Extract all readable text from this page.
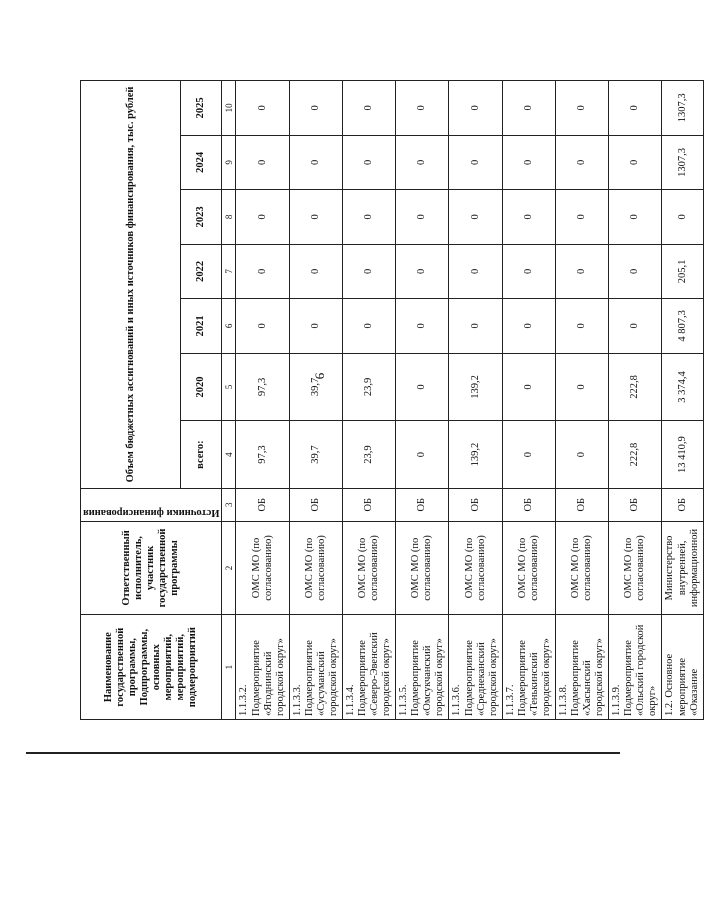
9
Наименование государственной программы, Подпрограммы, основных мероприятий, мероприятий, подмероприятий	Ответственный исполнитель, участник государственной программы	Источники финансирования	Объем бюджетных ассигнований и иных источников финансирования, тыс. рублей						
			всего:	2020	2021	2022	2023	2024	2025
1	2	3	4	5	6	7	8	9	10
1.1.3.2. Подмероприятие «Ягоднинский городской округ»	ОМС МО (по согласованию)	ОБ	97,3	97,3	0	0	0	0	0
1.1.3.3. Подмероприятие «Сусуманский городской округ»	ОМС МО (по согласованию)	ОБ	39,7	39,7	0	0	0	0	0
1.1.3.4. Подмероприятие «Северо-Эвенский городской округ»	ОМС МО (по согласованию)	ОБ	23,9	23,9	0	0	0	0	0
1.1.3.5. Подмероприятие «Омсукчанский городской округ»	ОМС МО (по согласованию)	ОБ	0	0	0	0	0	0	0
1.1.3.6. Подмероприятие «Среднеканский городской округ»	ОМС МО (по согласованию)	ОБ	139,2	139,2	0	0	0	0	0
1.1.3.7. Подмероприятие «Тенькинский городской округ»	ОМС МО (по согласованию)	ОБ	0	0	0	0	0	0	0
1.1.3.8. Подмероприятие «Хасынский городской округ»	ОМС МО (по согласованию)	ОБ	0	0	0	0	0	0	0
1.1.3.9. Подмероприятие «Ольский городской округ»	ОМС МО (по согласованию)	ОБ	222,8	222,8	0	0	0	0	0
1.2. Основное мероприятие «Оказание	Министерство внутренней, информационной	ОБ	13 410,9	3 374,4	4 807,3	205,1	0	1307,3	1307,3
